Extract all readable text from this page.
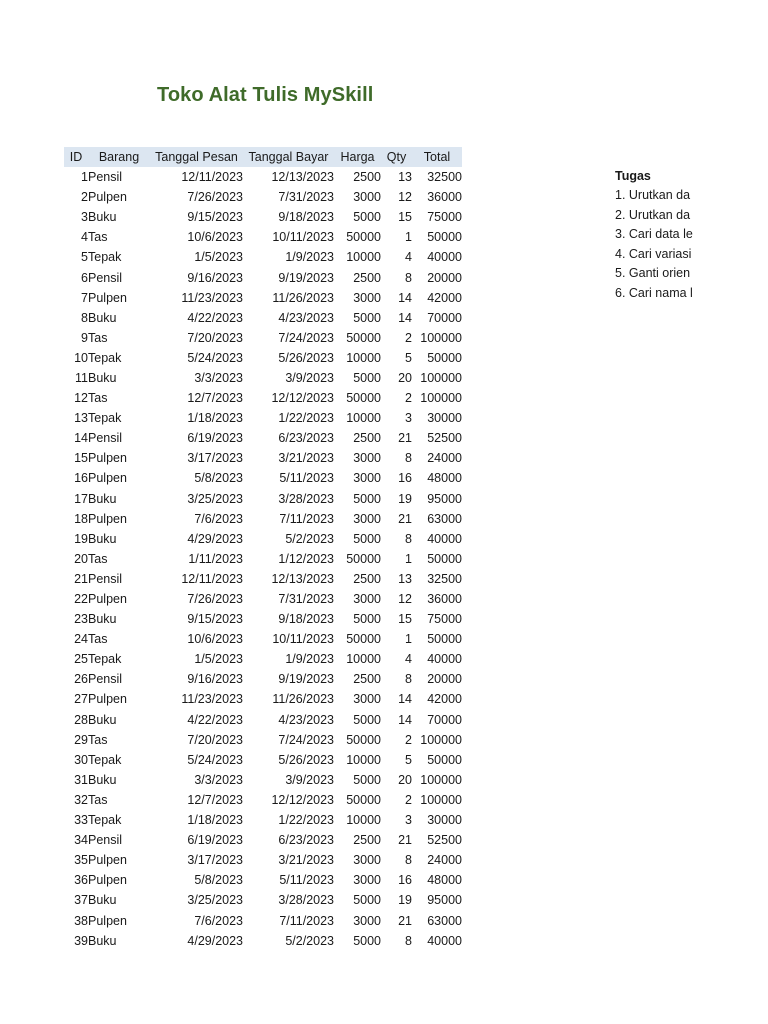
Toko Alat Tulis MySkill
ID	Barang	Tanggal Pesan	Tanggal Bayar	Harga	Qty	Total
1	Pensil	12/11/2023	12/13/2023	2500	13	32500
2	Pulpen	7/26/2023	7/31/2023	3000	12	36000
3	Buku	9/15/2023	9/18/2023	5000	15	75000
4	Tas	10/6/2023	10/11/2023	50000	1	50000
5	Tepak	1/5/2023	1/9/2023	10000	4	40000
6	Pensil	9/16/2023	9/19/2023	2500	8	20000
7	Pulpen	11/23/2023	11/26/2023	3000	14	42000
8	Buku	4/22/2023	4/23/2023	5000	14	70000
9	Tas	7/20/2023	7/24/2023	50000	2	100000
10	Tepak	5/24/2023	5/26/2023	10000	5	50000
11	Buku	3/3/2023	3/9/2023	5000	20	100000
12	Tas	12/7/2023	12/12/2023	50000	2	100000
13	Tepak	1/18/2023	1/22/2023	10000	3	30000
14	Pensil	6/19/2023	6/23/2023	2500	21	52500
15	Pulpen	3/17/2023	3/21/2023	3000	8	24000
16	Pulpen	5/8/2023	5/11/2023	3000	16	48000
17	Buku	3/25/2023	3/28/2023	5000	19	95000
18	Pulpen	7/6/2023	7/11/2023	3000	21	63000
19	Buku	4/29/2023	5/2/2023	5000	8	40000
20	Tas	1/11/2023	1/12/2023	50000	1	50000
21	Pensil	12/11/2023	12/13/2023	2500	13	32500
22	Pulpen	7/26/2023	7/31/2023	3000	12	36000
23	Buku	9/15/2023	9/18/2023	5000	15	75000
24	Tas	10/6/2023	10/11/2023	50000	1	50000
25	Tepak	1/5/2023	1/9/2023	10000	4	40000
26	Pensil	9/16/2023	9/19/2023	2500	8	20000
27	Pulpen	11/23/2023	11/26/2023	3000	14	42000
28	Buku	4/22/2023	4/23/2023	5000	14	70000
29	Tas	7/20/2023	7/24/2023	50000	2	100000
30	Tepak	5/24/2023	5/26/2023	10000	5	50000
31	Buku	3/3/2023	3/9/2023	5000	20	100000
32	Tas	12/7/2023	12/12/2023	50000	2	100000
33	Tepak	1/18/2023	1/22/2023	10000	3	30000
34	Pensil	6/19/2023	6/23/2023	2500	21	52500
35	Pulpen	3/17/2023	3/21/2023	3000	8	24000
36	Pulpen	5/8/2023	5/11/2023	3000	16	48000
37	Buku	3/25/2023	3/28/2023	5000	19	95000
38	Pulpen	7/6/2023	7/11/2023	3000	21	63000
39	Buku	4/29/2023	5/2/2023	5000	8	40000
Tugas
1. Urutkan da
2. Urutkan da
3. Cari data le
4. Cari variasi
5. Ganti orien
6. Cari nama l
